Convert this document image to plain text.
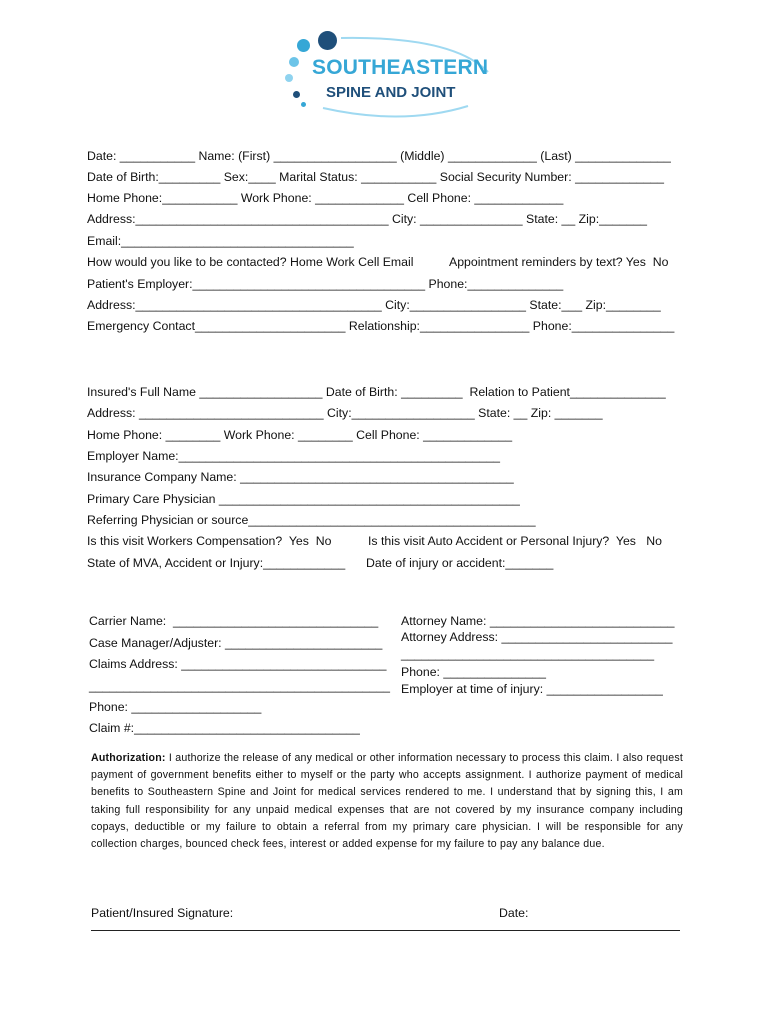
SOUTHEASTERN
SPINE AND JOINT
Date: ___________ Name: (First) __________________ (Middle) _____________ (Last) ______________
Date of Birth:_________ Sex:____ Marital Status: ___________ Social Security Number: _____________
Home Phone:___________ Work Phone: _____________ Cell Phone: _____________
Address:_____________________________________ City: _______________ State: __ Zip:_______
Email:__________________________________
How would you like to be contacted? Home Work Cell Email	Appointment reminders by text? Yes  No
Patient's Employer:__________________________________ Phone:______________
Address:____________________________________ City:_________________ State:___ Zip:________
Emergency Contact______________________ Relationship:________________ Phone:_______________
Insured's Full Name __________________ Date of Birth: _________  Relation to Patient______________
Address: ___________________________ City:__________________ State: __ Zip: _______
Home Phone: ________ Work Phone: ________ Cell Phone: _____________
Employer Name:_______________________________________________
Insurance Company Name: ________________________________________
Primary Care Physician ____________________________________________
Referring Physician or source__________________________________________
Is this visit Workers Compensation?  Yes  No	Is this visit Auto Accident or Personal Injury?  Yes   No
State of MVA, Accident or Injury:____________ Date of injury or accident:_______
Carrier Name:  ______________________________
Case Manager/Adjuster: _______________________
Claims Address: ______________________________
____________________________________________
Phone: ___________________
Claim #:_________________________________
Attorney Name: ___________________________
Attorney Address: _________________________
_____________________________________
Phone: _______________
Employer at time of injury: _________________
Authorization: I authorize the release of any medical or other information necessary to process this claim. I also request payment of government benefits either to myself or the party who accepts assignment. I authorize payment of medical benefits to Southeastern Spine and Joint for medical services rendered to me. I understand that by signing this, I am taking full responsibility for any unpaid medical expenses that are not covered by my insurance company including copays, deductible or my failure to obtain a referral from my primary care physician. I will be responsible for any collection charges, bounced check fees, interest or added expense for my failure to pay any balance due.
Patient/Insured Signature:	Date:
